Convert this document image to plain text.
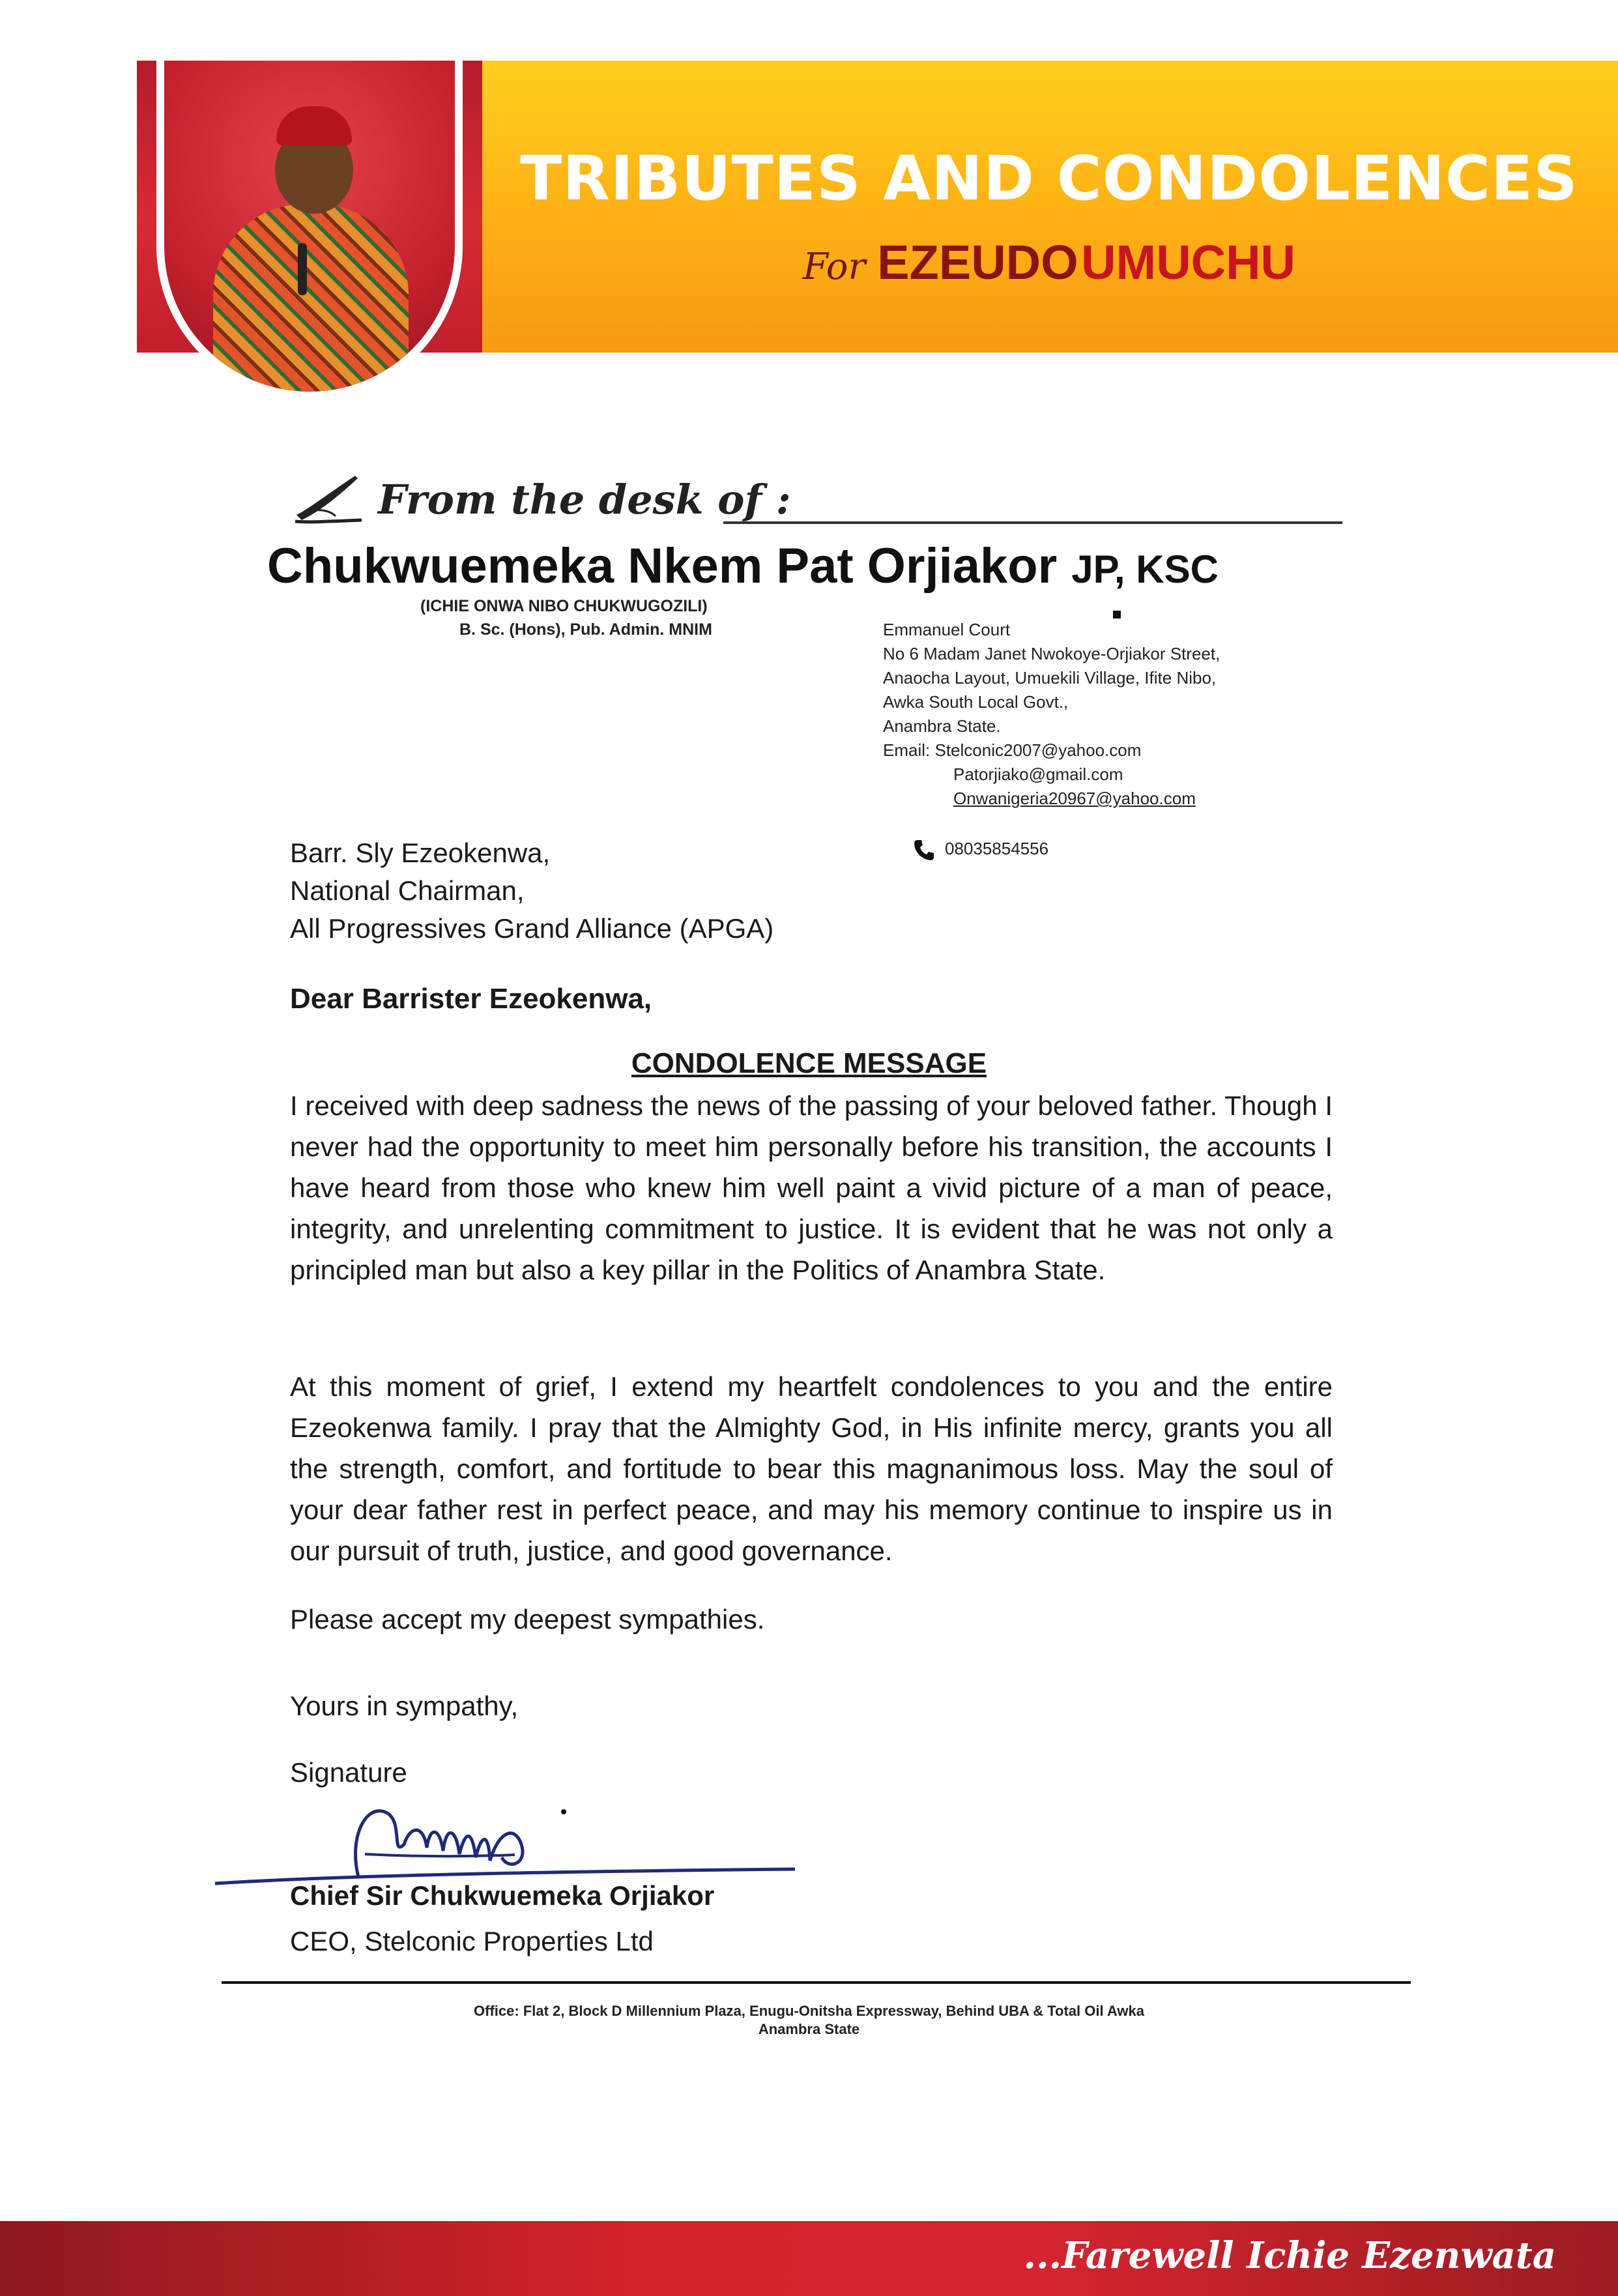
TRIBUTES AND CONDOLENCES
For EZEUDO UMUCHU
From the desk of :
Chukwuemeka Nkem Pat Orjiakor JP, KSC
(ICHIE ONWA NIBO CHUKWUGOZILI)
B. Sc. (Hons), Pub. Admin. MNIM	Emmanuel Court
No 6 Madam Janet Nwokoye-Orjiakor Street,
Anaocha Layout, Umuekili Village, Ifite Nibo,
Awka South Local Govt.,
Anambra State.
Email: Stelconic2007@yahoo.com
Patorjiako@gmail.com
Onwanigeria20967@yahoo.com
08035854556
Barr. Sly Ezeokenwa,
National Chairman,
All Progressives Grand Alliance (APGA)
Dear Barrister Ezeokenwa,
CONDOLENCE MESSAGE
I received with deep sadness the news of the passing of your beloved father. Though I never had the opportunity to meet him personally before his transition, the accounts I have heard from those who knew him well paint a vivid picture of a man of peace, integrity, and unrelenting commitment to justice. It is evident that he was not only a principled man but also a key pillar in the Politics of Anambra State.
At this moment of grief, I extend my heartfelt condolences to you and the entire Ezeokenwa family. I pray that the Almighty God, in His infinite mercy, grants you all the strength, comfort, and fortitude to bear this magnanimous loss. May the soul of your dear father rest in perfect peace, and may his memory continue to inspire us in our pursuit of truth, justice, and good governance.
Please accept my deepest sympathies.
Yours in sympathy,
Signature
Chief Sir Chukwuemeka Orjiakor
CEO, Stelconic Properties Ltd
Office: Flat 2, Block D Millennium Plaza, Enugu-Onitsha Expressway, Behind UBA & Total Oil Awka
Anambra State
...Farewell Ichie Ezenwata
